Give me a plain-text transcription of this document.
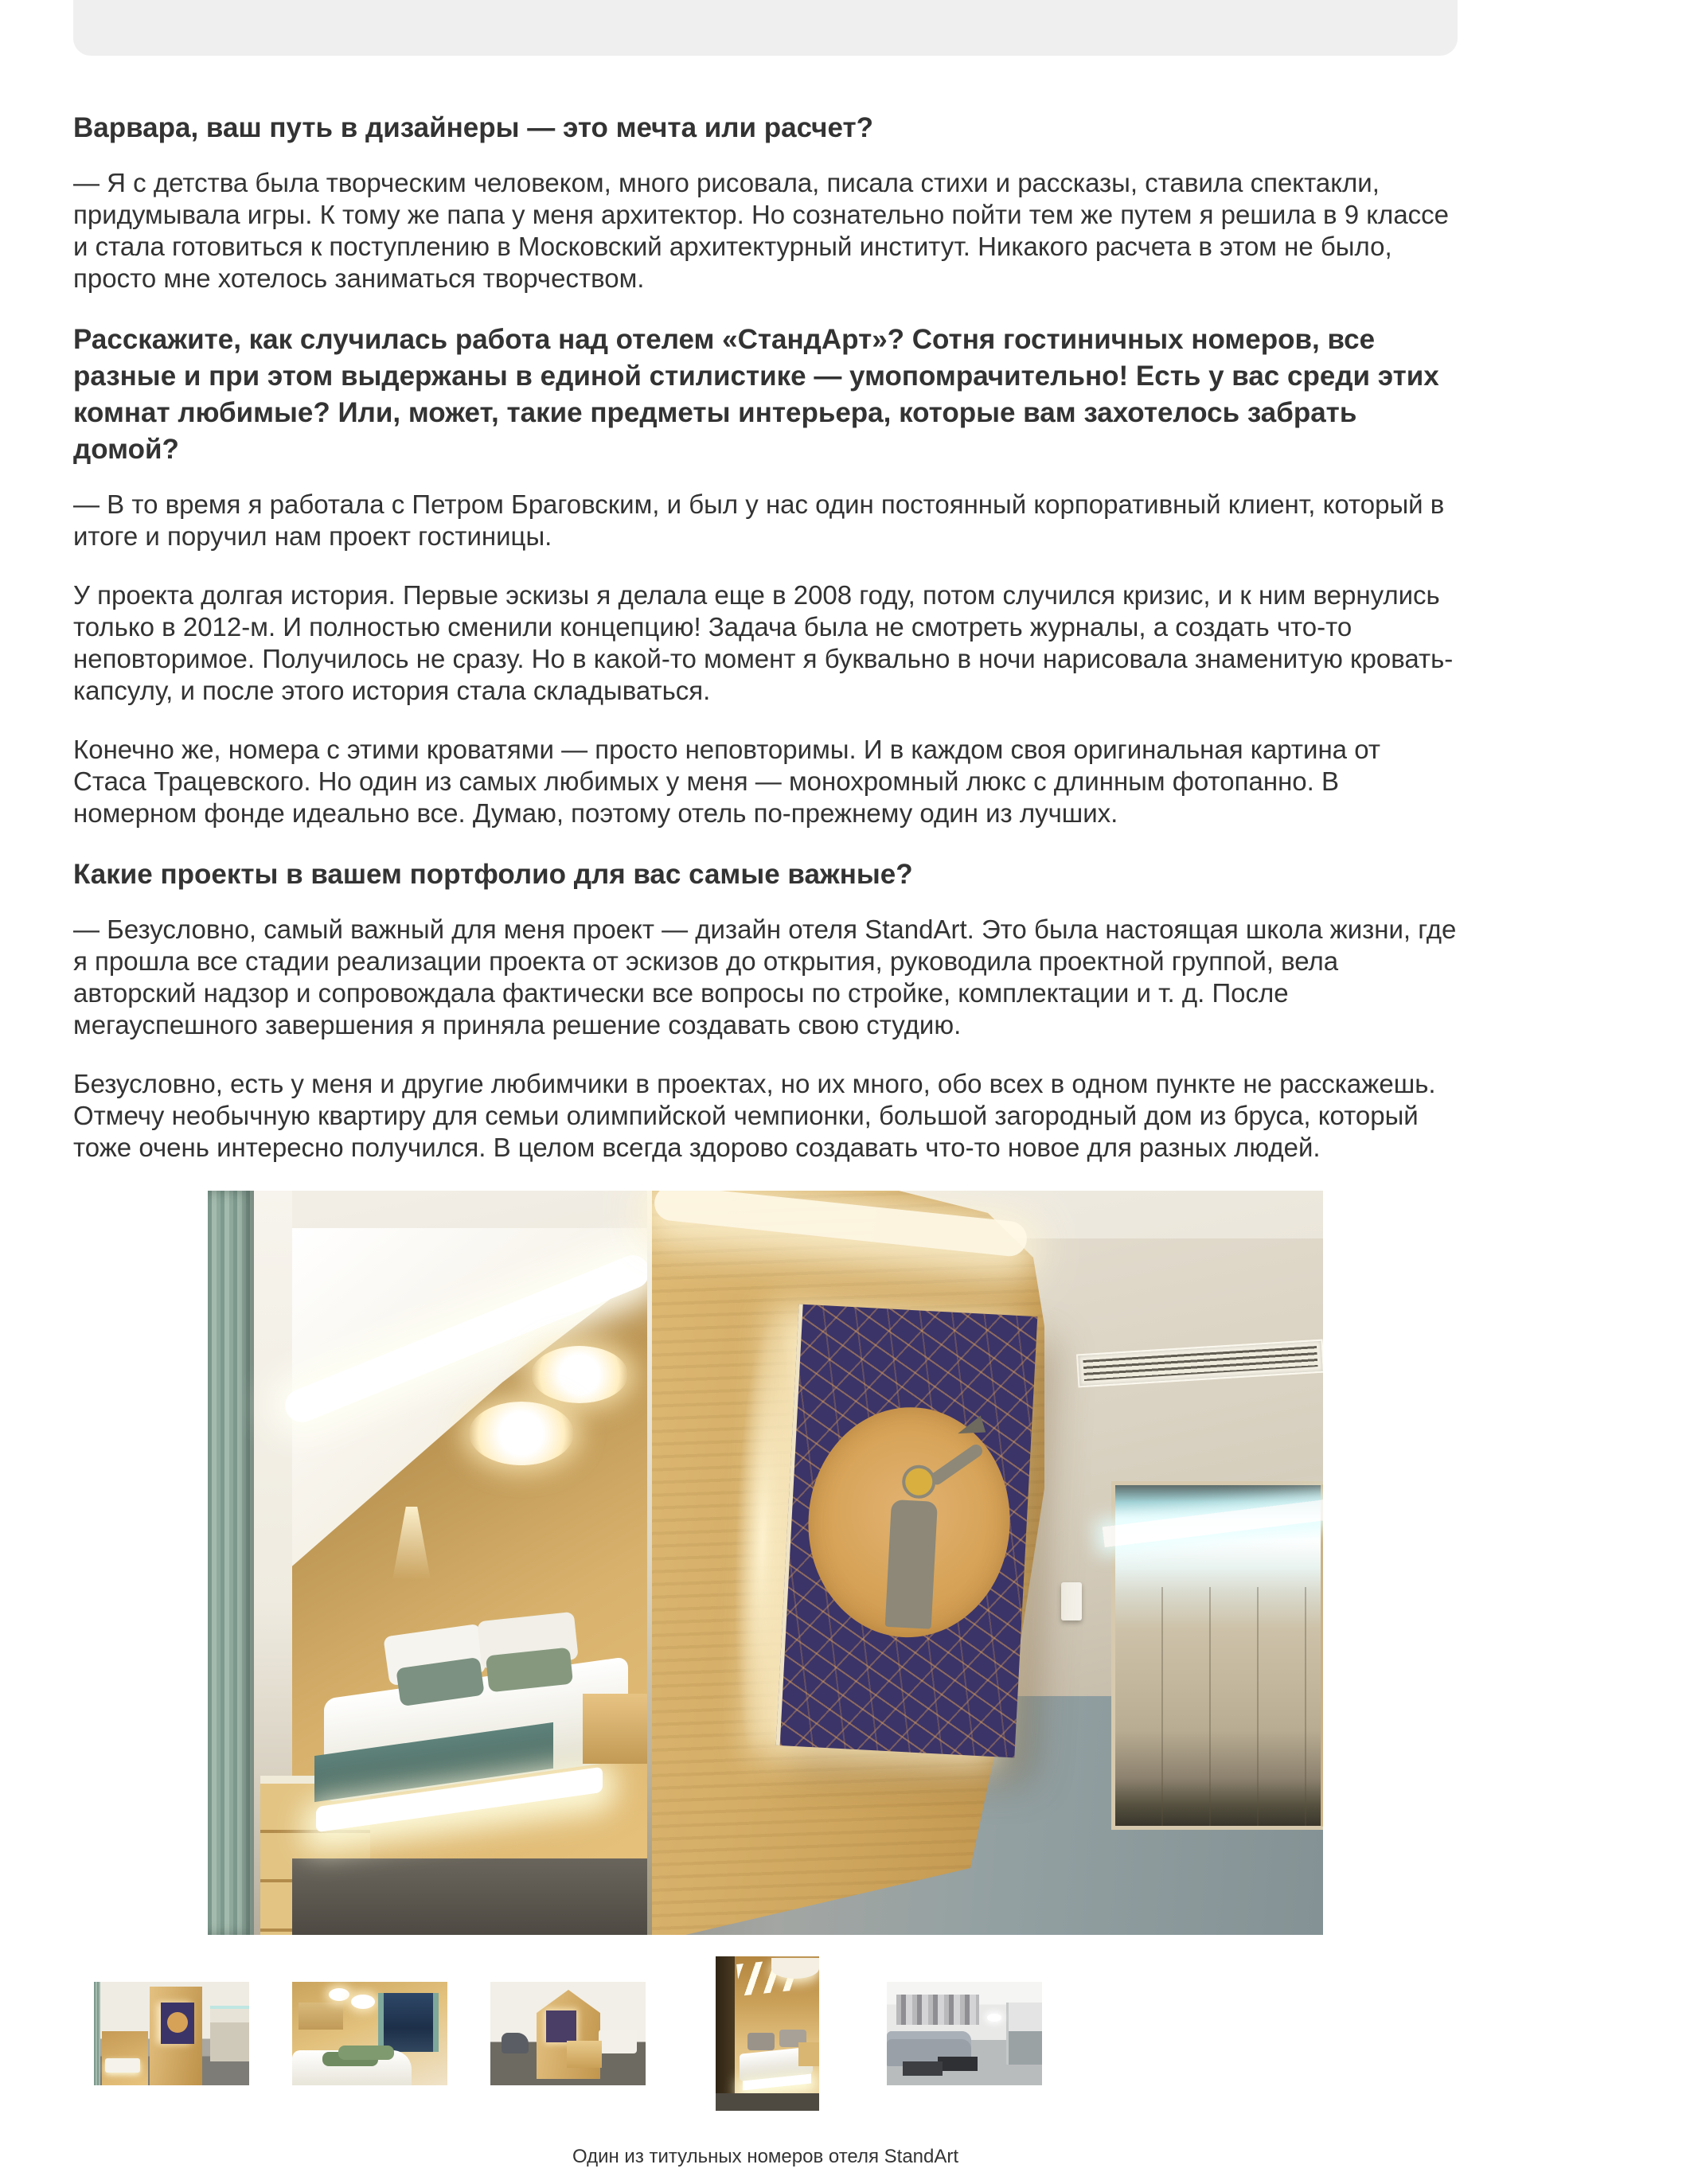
Варвара, ваш путь в дизайнеры — это мечта или расчет?

— Я с детства была творческим человеком, много рисовала, писала стихи и рассказы, ставила спектакли, придумывала игры. К тому же папа у меня архитектор. Но сознательно пойти тем же путем я решила в 9 классе и стала готовиться к поступлению в Московский архитектурный институт. Никакого расчета в этом не было, просто мне хотелось заниматься творчеством.

Расскажите, как случилась работа над отелем «СтандАрт»? Сотня гостиничных номеров, все разные и при этом выдержаны в единой стилистике — умопомрачительно! Есть у вас среди этих комнат любимые? Или, может, такие предметы интерьера, которые вам захотелось забрать домой?

— В то время я работала с Петром Браговским, и был у нас один постоянный корпоративный клиент, который в итоге и поручил нам проект гостиницы.

У проекта долгая история. Первые эскизы я делала еще в 2008 году, потом случился кризис, и к ним вернулись только в 2012-м. И полностью сменили концепцию! Задача была не смотреть журналы, а создать что-то неповторимое. Получилось не сразу. Но в какой-то момент я буквально в ночи нарисовала знаменитую кровать-капсулу, и после этого история стала складываться.

Конечно же, номера с этими кроватями — просто неповторимы. И в каждом своя оригинальная картина от Стаса Трацевского. Но один из самых любимых у меня — монохромный люкс с длинным фотопанно. В номерном фонде идеально все. Думаю, поэтому отель по-прежнему один из лучших.

Какие проекты в вашем портфолио для вас самые важные?

— Безусловно, самый важный для меня проект — дизайн отеля StandArt. Это была настоящая школа жизни, где я прошла все стадии реализации проекта от эскизов до открытия, руководила проектной группой, вела авторский надзор и сопровождала фактически все вопросы по стройке, комплектации и т. д. После мегауспешного завершения я приняла решение создавать свою студию.

Безусловно, есть у меня и другие любимчики в проектах, но их много, обо всех в одном пункте не расскажешь. Отмечу необычную квартиру для семьи олимпийской чемпионки, большой загородный дом из бруса, который тоже очень интересно получился. В целом всегда здорово создавать что-то новое для разных людей.

Один из титульных номеров отеля StandArt
